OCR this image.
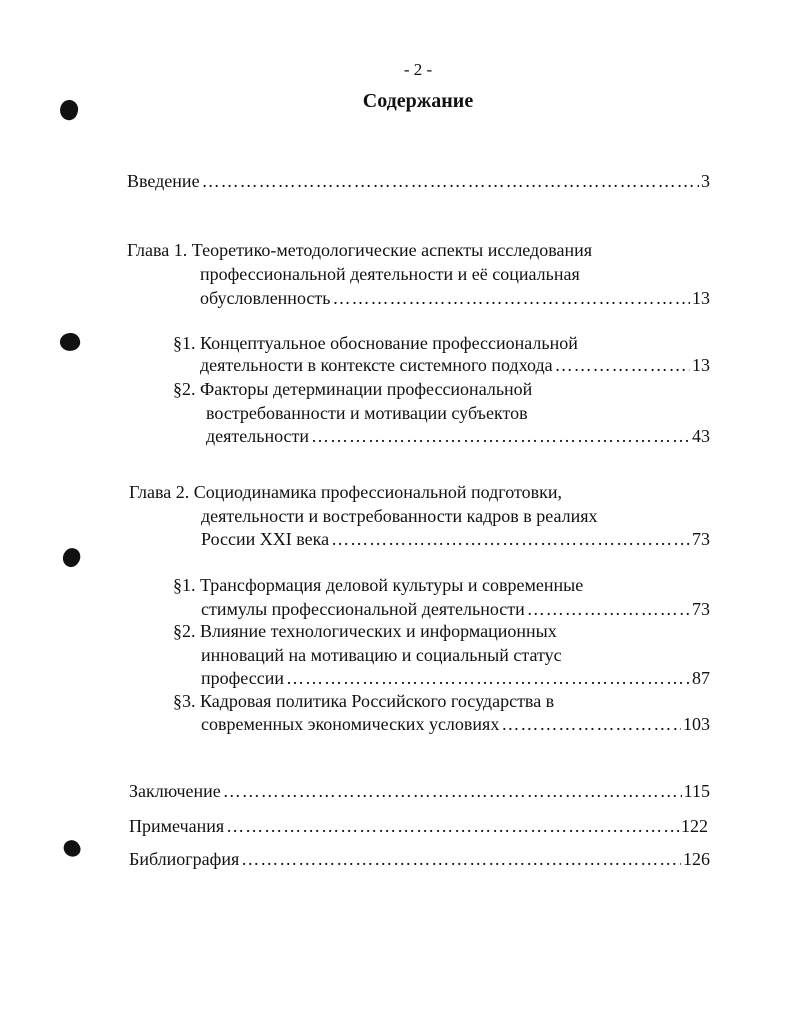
- 2 -
Содержание
Введение …………………………………………………………………………………………………………………………………………………………	3
Глава 1. Теоретико-методологические аспекты исследования
профессиональной деятельности и её социальная
обусловленность …………………………………………………………………………………………………………………………………………………………	13
§1. Концептуальное обоснование профессиональной
деятельности в контексте системного подхода …………………………………………………………………………………………………………………………………………………………	13
§2. Факторы детерминации профессиональной
востребованности и мотивации субъектов
деятельности …………………………………………………………………………………………………………………………………………………………	43
Глава 2. Социодинамика профессиональной подготовки,
деятельности и востребованности кадров в реалиях
России XXI века …………………………………………………………………………………………………………………………………………………………	73
§1. Трансформация деловой культуры и современные
стимулы профессиональной деятельности …………………………………………………………………………………………………………………………………………………………	73
§2. Влияние технологических и информационных
инноваций на мотивацию и социальный статус
профессии …………………………………………………………………………………………………………………………………………………………	87
§3. Кадровая политика Российского государства в
современных экономических условиях …………………………………………………………………………………………………………………………………………………………	103
Заключение …………………………………………………………………………………………………………………………………………………………	115
Примечания …………………………………………………………………………………………………………………………………………………………	122
Библиография …………………………………………………………………………………………………………………………………………………………	126
